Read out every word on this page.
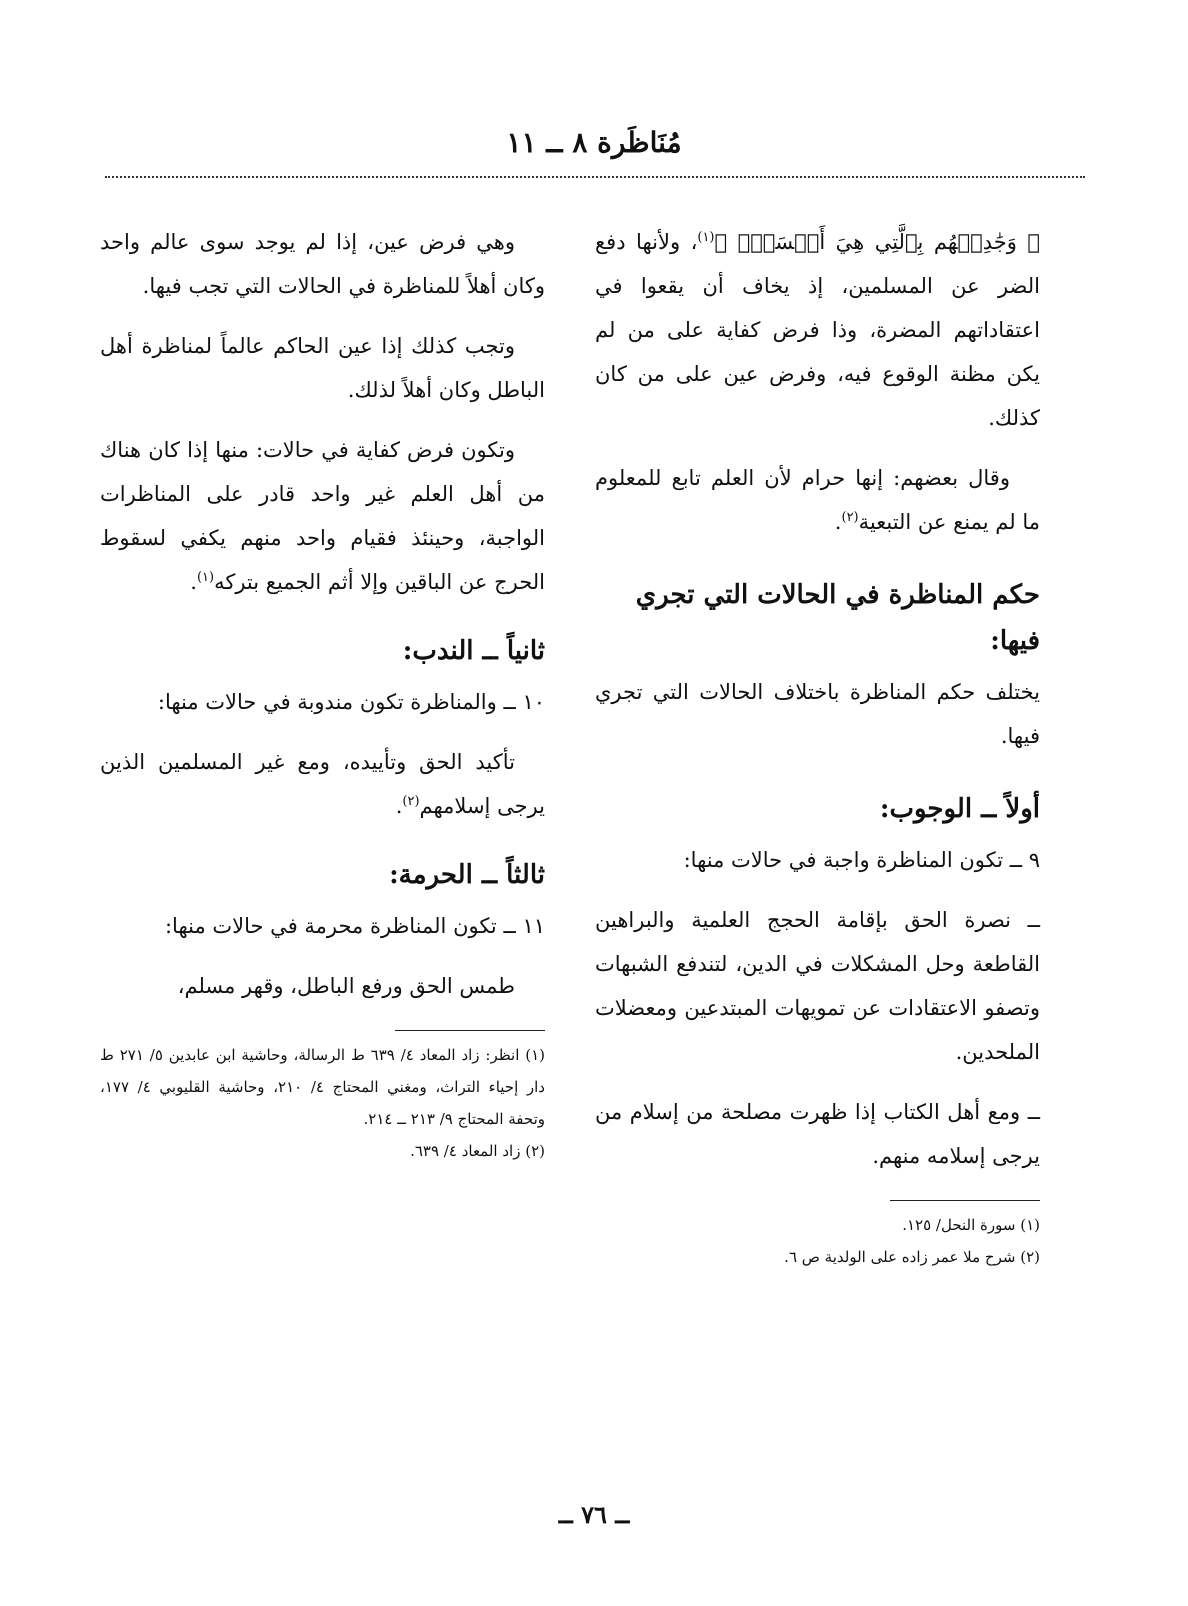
مُنَاظَرة ٨ ــ ١١

﴿ وَجَٰدِلۡهُم بِٱلَّتِي هِيَ أَحۡسَنُۚ ﴾$^{(١)}$، ولأنها دفع الضر عن المسلمين، إذ يخاف أن يقعوا في اعتقاداتهم المضرة، وذا فرض كفاية على من لم يكن مظنة الوقوع فيه، وفرض عين على من كان كذلك.

وقال بعضهم: إنها حرام لأن العلم تابع للمعلوم ما لم يمنع عن التبعية$^{(٢)}$.

حكم المناظرة في الحالات التي تجري فيها:

يختلف حكم المناظرة باختلاف الحالات التي تجري فيها.

أولاً ــ الوجوب:

٩ ــ تكون المناظرة واجبة في حالات منها:

ــ نصرة الحق بإقامة الحجج العلمية والبراهين القاطعة وحل المشكلات في الدين، لتندفع الشبهات وتصفو الاعتقادات عن تمويهات المبتدعين ومعضلات الملحدين.

ــ ومع أهل الكتاب إذا ظهرت مصلحة من إسلام من يرجى إسلامه منهم.

(١) سورة النحل/ ١٢٥.

(٢) شرح ملا عمر زاده على الولدية ص ٦.

وهي فرض عين، إذا لم يوجد سوى عالم واحد وكان أهلاً للمناظرة في الحالات التي تجب فيها.

وتجب كذلك إذا عين الحاكم عالماً لمناظرة أهل الباطل وكان أهلاً لذلك.

وتكون فرض كفاية في حالات: منها إذا كان هناك من أهل العلم غير واحد قادر على المناظرات الواجبة، وحينئذ فقيام واحد منهم يكفي لسقوط الحرج عن الباقين وإلا أثم الجميع بتركه$^{(١)}$.

ثانياً ــ الندب:

١٠ ــ والمناظرة تكون مندوبة في حالات منها:

تأكيد الحق وتأييده، ومع غير المسلمين الذين يرجى إسلامهم$^{(٢)}$.

ثالثاً ــ الحرمة:

١١ ــ تكون المناظرة محرمة في حالات منها:

طمس الحق ورفع الباطل، وقهر مسلم،

(١) انظر: زاد المعاد ٤/ ٦٣٩ ط الرسالة، وحاشية ابن عابدين ٥/ ٢٧١ ط دار إحياء التراث، ومغني المحتاج ٤/ ٢١٠، وحاشية القليوبي ٤/ ١٧٧، وتحفة المحتاج ٩/ ٢١٣ ــ ٢١٤.

(٢) زاد المعاد ٤/ ٦٣٩.

ــ ٧٦ ــ
